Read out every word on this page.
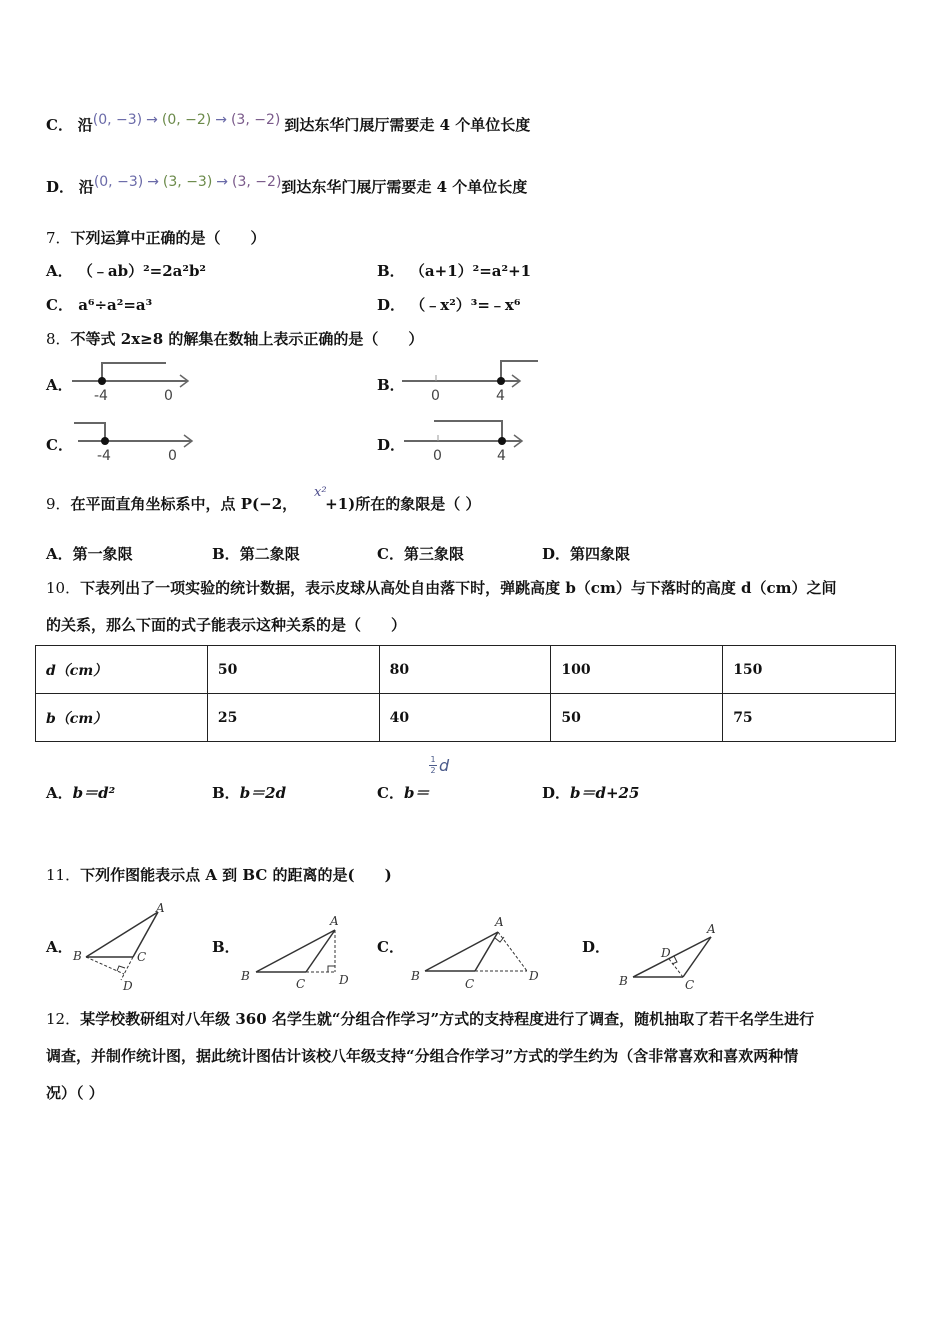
C． 沿(0, −3) → (0, −2) → (3, −2) 到达东华门展厅需要走 4 个单位长度
D． 沿(0, −3) → (3, −3) → (3, −2)到达东华门展厅需要走 4 个单位长度
7．下列运算中正确的是（　　）
A． （﹣ab）²=2a²b²	B． （a+1）²=a²+1
C． a⁶÷a²=a³	D． （﹣x²）³=﹣x⁶
8．不等式 2x≥8 的解集在数轴上表示正确的是（　　）
A．
-4	0
B．
0	4
C．
-4	0
D．
0	4
9．在平面直角坐标系中，点 P(−2， +1)所在的象限是（ ）
x²
A．第一象限	B．第二象限	C．第三象限	D．第四象限
10．下表列出了一项实验的统计数据，表示皮球从高处自由落下时，弹跳高度 b（cm）与下落时的高度 d（cm）之间
的关系，那么下面的式子能表示这种关系的是（　　）
d（cm）	50	80	100	150
b（cm）	25	40	50	75
A．b＝d²	B．b＝2d	C．b＝
1
2 d
D．b＝d+25
11．下列作图能表示点 A 到 BC 的距离的是(　　)
A．
A
B	C
D
B．
A
B
C	D
C．
A
B
C
D
D．
A
B	C
D
12．某学校教研组对八年级 360 名学生就“分组合作学习”方式的支持程度进行了调查，随机抽取了若干名学生进行
调查，并制作统计图，据此统计图估计该校八年级支持“分组合作学习”方式的学生约为（含非常喜欢和喜欢两种情
况）（ ）
